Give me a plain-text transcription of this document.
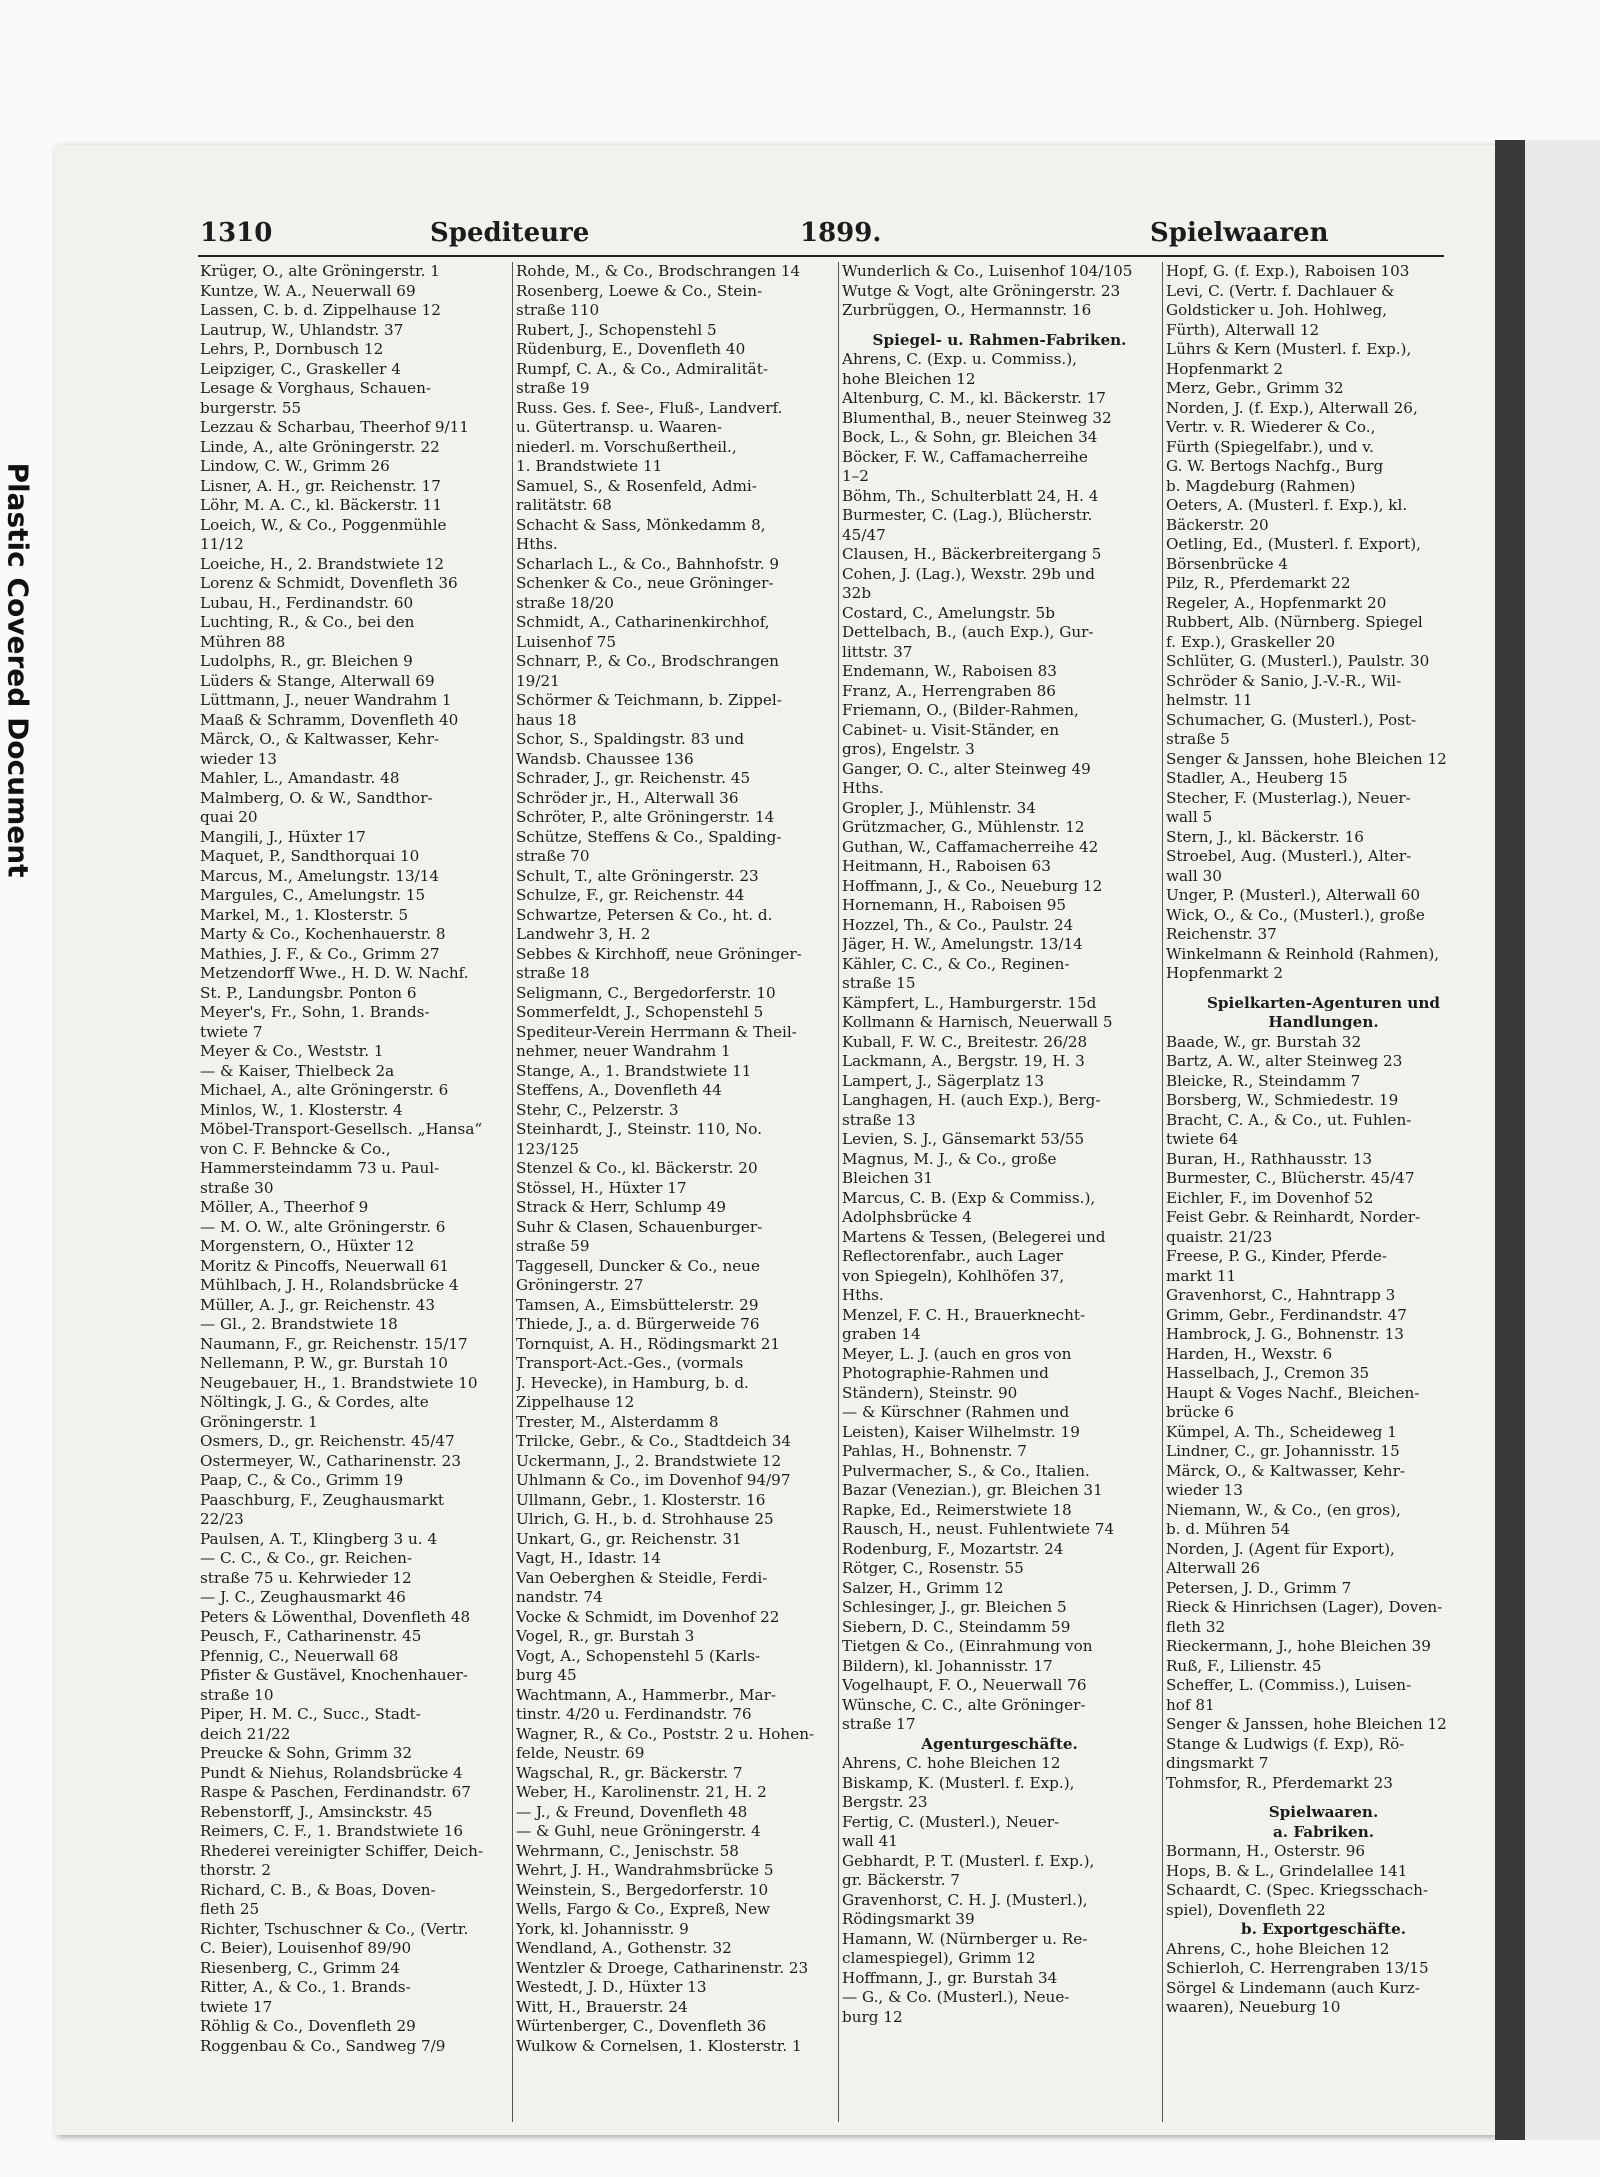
Plastic Covered Document
1310	Spediteure	1899.	Spielwaaren
Krüger, O., alte Gröningerstr. 1
Kuntze, W. A., Neuerwall 69
Lassen, C. b. d. Zippelhause 12
Lautrup, W., Uhlandstr. 37
Lehrs, P., Dornbusch 12
Leipziger, C., Graskeller 4
Lesage & Vorghaus, Schauen-
burgerstr. 55
Lezzau & Scharbau, Theerhof 9/11
Linde, A., alte Gröningerstr. 22
Lindow, C. W., Grimm 26
Lisner, A. H., gr. Reichenstr. 17
Löhr, M. A. C., kl. Bäckerstr. 11
Loeich, W., & Co., Poggenmühle
11/12
Loeiche, H., 2. Brandstwiete 12
Lorenz & Schmidt, Dovenfleth 36
Lubau, H., Ferdinandstr. 60
Luchting, R., & Co., bei den
Mühren 88
Ludolphs, R., gr. Bleichen 9
Lüders & Stange, Alterwall 69
Lüttmann, J., neuer Wandrahm 1
Maaß & Schramm, Dovenfleth 40
Märck, O., & Kaltwasser, Kehr-
wieder 13
Mahler, L., Amandastr. 48
Malmberg, O. & W., Sandthor-
quai 20
Mangili, J., Hüxter 17
Maquet, P., Sandthorquai 10
Marcus, M., Amelungstr. 13/14
Margules, C., Amelungstr. 15
Markel, M., 1. Klosterstr. 5
Marty & Co., Kochenhauerstr. 8
Mathies, J. F., & Co., Grimm 27
Metzendorff Wwe., H. D. W. Nachf.
St. P., Landungsbr. Ponton 6
Meyer's, Fr., Sohn, 1. Brands-
twiete 7
Meyer & Co., Weststr. 1
— & Kaiser, Thielbeck 2a
Michael, A., alte Gröningerstr. 6
Minlos, W., 1. Klosterstr. 4
Möbel-Transport-Gesellsch. „Hansa“
von C. F. Behncke & Co.,
Hammersteindamm 73 u. Paul-
straße 30
Möller, A., Theerhof 9
— M. O. W., alte Gröningerstr. 6
Morgenstern, O., Hüxter 12
Moritz & Pincoffs, Neuerwall 61
Mühlbach, J. H., Rolandsbrücke 4
Müller, A. J., gr. Reichenstr. 43
— Gl., 2. Brandstwiete 18
Naumann, F., gr. Reichenstr. 15/17
Nellemann, P. W., gr. Burstah 10
Neugebauer, H., 1. Brandstwiete 10
Nöltingk, J. G., & Cordes, alte
Gröningerstr. 1
Osmers, D., gr. Reichenstr. 45/47
Ostermeyer, W., Catharinenstr. 23
Paap, C., & Co., Grimm 19
Paaschburg, F., Zeughausmarkt
22/23
Paulsen, A. T., Klingberg 3 u. 4
— C. C., & Co., gr. Reichen-
straße 75 u. Kehrwieder 12
— J. C., Zeughausmarkt 46
Peters & Löwenthal, Dovenfleth 48
Peusch, F., Catharinenstr. 45
Pfennig, C., Neuerwall 68
Pfister & Gustävel, Knochenhauer-
straße 10
Piper, H. M. C., Succ., Stadt-
deich 21/22
Preucke & Sohn, Grimm 32
Pundt & Niehus, Rolandsbrücke 4
Raspe & Paschen, Ferdinandstr. 67
Rebenstorff, J., Amsinckstr. 45
Reimers, C. F., 1. Brandstwiete 16
Rhederei vereinigter Schiffer, Deich-
thorstr. 2
Richard, C. B., & Boas, Doven-
fleth 25
Richter, Tschuschner & Co., (Vertr.
C. Beier), Louisenhof 89/90
Riesenberg, C., Grimm 24
Ritter, A., & Co., 1. Brands-
twiete 17
Röhlig & Co., Dovenfleth 29
Roggenbau & Co., Sandweg 7/9
Rohde, M., & Co., Brodschrangen 14
Rosenberg, Loewe & Co., Stein-
straße 110
Rubert, J., Schopenstehl 5
Rüdenburg, E., Dovenfleth 40
Rumpf, C. A., & Co., Admiralität-
straße 19
Russ. Ges. f. See-, Fluß-, Landverf.
u. Gütertransp. u. Waaren-
niederl. m. Vorschußertheil.,
1. Brandstwiete 11
Samuel, S., & Rosenfeld, Admi-
ralitätstr. 68
Schacht & Sass, Mönkedamm 8,
Hths.
Scharlach L., & Co., Bahnhofstr. 9
Schenker & Co., neue Gröninger-
straße 18/20
Schmidt, A., Catharinenkirchhof,
Luisenhof 75
Schnarr, P., & Co., Brodschrangen
19/21
Schörmer & Teichmann, b. Zippel-
haus 18
Schor, S., Spaldingstr. 83 und
Wandsb. Chaussee 136
Schrader, J., gr. Reichenstr. 45
Schröder jr., H., Alterwall 36
Schröter, P., alte Gröningerstr. 14
Schütze, Steffens & Co., Spalding-
straße 70
Schult, T., alte Gröningerstr. 23
Schulze, F., gr. Reichenstr. 44
Schwartze, Petersen & Co., ht. d.
Landwehr 3, H. 2
Sebbes & Kirchhoff, neue Gröninger-
straße 18
Seligmann, C., Bergedorferstr. 10
Sommerfeldt, J., Schopenstehl 5
Spediteur-Verein Herrmann & Theil-
nehmer, neuer Wandrahm 1
Stange, A., 1. Brandstwiete 11
Steffens, A., Dovenfleth 44
Stehr, C., Pelzerstr. 3
Steinhardt, J., Steinstr. 110, No.
123/125
Stenzel & Co., kl. Bäckerstr. 20
Stössel, H., Hüxter 17
Strack & Herr, Schlump 49
Suhr & Clasen, Schauenburger-
straße 59
Taggesell, Duncker & Co., neue
Gröningerstr. 27
Tamsen, A., Eimsbüttelerstr. 29
Thiede, J., a. d. Bürgerweide 76
Tornquist, A. H., Rödingsmarkt 21
Transport-Act.-Ges., (vormals
J. Hevecke), in Hamburg, b. d.
Zippelhause 12
Trester, M., Alsterdamm 8
Trilcke, Gebr., & Co., Stadtdeich 34
Uckermann, J., 2. Brandstwiete 12
Uhlmann & Co., im Dovenhof 94/97
Ullmann, Gebr., 1. Klosterstr. 16
Ulrich, G. H., b. d. Strohhause 25
Unkart, G., gr. Reichenstr. 31
Vagt, H., Idastr. 14
Van Oeberghen & Steidle, Ferdi-
nandstr. 74
Vocke & Schmidt, im Dovenhof 22
Vogel, R., gr. Burstah 3
Vogt, A., Schopenstehl 5 (Karls-
burg 45
Wachtmann, A., Hammerbr., Mar-
tinstr. 4/20 u. Ferdinandstr. 76
Wagner, R., & Co., Poststr. 2 u. Hohen-
felde, Neustr. 69
Wagschal, R., gr. Bäckerstr. 7
Weber, H., Karolinenstr. 21, H. 2
— J., & Freund, Dovenfleth 48
— & Guhl, neue Gröningerstr. 4
Wehrmann, C., Jenischstr. 58
Wehrt, J. H., Wandrahmsbrücke 5
Weinstein, S., Bergedorferstr. 10
Wells, Fargo & Co., Expreß, New
York, kl. Johannisstr. 9
Wendland, A., Gothenstr. 32
Wentzler & Droege, Catharinenstr. 23
Westedt, J. D., Hüxter 13
Witt, H., Brauerstr. 24
Würtenberger, C., Dovenfleth 36
Wulkow & Cornelsen, 1. Klosterstr. 1
Wunderlich & Co., Luisenhof 104/105
Wutge & Vogt, alte Gröningerstr. 23
Zurbrüggen, O., Hermannstr. 16
Spiegel- u. Rahmen-Fabriken.
Ahrens, C. (Exp. u. Commiss.),
hohe Bleichen 12
Altenburg, C. M., kl. Bäckerstr. 17
Blumenthal, B., neuer Steinweg 32
Bock, L., & Sohn, gr. Bleichen 34
Böcker, F. W., Caffamacherreihe
1–2
Böhm, Th., Schulterblatt 24, H. 4
Burmester, C. (Lag.), Blücherstr.
45/47
Clausen, H., Bäckerbreitergang 5
Cohen, J. (Lag.), Wexstr. 29b und
32b
Costard, C., Amelungstr. 5b
Dettelbach, B., (auch Exp.), Gur-
littstr. 37
Endemann, W., Raboisen 83
Franz, A., Herrengraben 86
Friemann, O., (Bilder-Rahmen,
Cabinet- u. Visit-Ständer, en
gros), Engelstr. 3
Ganger, O. C., alter Steinweg 49
Hths.
Gropler, J., Mühlenstr. 34
Grützmacher, G., Mühlenstr. 12
Guthan, W., Caffamacherreihe 42
Heitmann, H., Raboisen 63
Hoffmann, J., & Co., Neueburg 12
Hornemann, H., Raboisen 95
Hozzel, Th., & Co., Paulstr. 24
Jäger, H. W., Amelungstr. 13/14
Kähler, C. C., & Co., Reginen-
straße 15
Kämpfert, L., Hamburgerstr. 15d
Kollmann & Harnisch, Neuerwall 5
Kuball, F. W. C., Breitestr. 26/28
Lackmann, A., Bergstr. 19, H. 3
Lampert, J., Sägerplatz 13
Langhagen, H. (auch Exp.), Berg-
straße 13
Levien, S. J., Gänsemarkt 53/55
Magnus, M. J., & Co., große
Bleichen 31
Marcus, C. B. (Exp & Commiss.),
Adolphsbrücke 4
Martens & Tessen, (Belegerei und
Reflectorenfabr., auch Lager
von Spiegeln), Kohlhöfen 37,
Hths.
Menzel, F. C. H., Brauerknecht-
graben 14
Meyer, L. J. (auch en gros von
Photographie-Rahmen und
Ständern), Steinstr. 90
— & Kürschner (Rahmen und
Leisten), Kaiser Wilhelmstr. 19
Pahlas, H., Bohnenstr. 7
Pulvermacher, S., & Co., Italien.
Bazar (Venezian.), gr. Bleichen 31
Rapke, Ed., Reimerstwiete 18
Rausch, H., neust. Fuhlentwiete 74
Rodenburg, F., Mozartstr. 24
Rötger, C., Rosenstr. 55
Salzer, H., Grimm 12
Schlesinger, J., gr. Bleichen 5
Siebern, D. C., Steindamm 59
Tietgen & Co., (Einrahmung von
Bildern), kl. Johannisstr. 17
Vogelhaupt, F. O., Neuerwall 76
Wünsche, C. C., alte Gröninger-
straße 17
Agenturgeschäfte.
Ahrens, C. hohe Bleichen 12
Biskamp, K. (Musterl. f. Exp.),
Bergstr. 23
Fertig, C. (Musterl.), Neuer-
wall 41
Gebhardt, P. T. (Musterl. f. Exp.),
gr. Bäckerstr. 7
Gravenhorst, C. H. J. (Musterl.),
Rödingsmarkt 39
Hamann, W. (Nürnberger u. Re-
clamespiegel), Grimm 12
Hoffmann, J., gr. Burstah 34
— G., & Co. (Musterl.), Neue-
burg 12
Hopf, G. (f. Exp.), Raboisen 103
Levi, C. (Vertr. f. Dachlauer &
Goldsticker u. Joh. Hohlweg,
Fürth), Alterwall 12
Lührs & Kern (Musterl. f. Exp.),
Hopfenmarkt 2
Merz, Gebr., Grimm 32
Norden, J. (f. Exp.), Alterwall 26,
Vertr. v. R. Wiederer & Co.,
Fürth (Spiegelfabr.), und v.
G. W. Bertogs Nachfg., Burg
b. Magdeburg (Rahmen)
Oeters, A. (Musterl. f. Exp.), kl.
Bäckerstr. 20
Oetling, Ed., (Musterl. f. Export),
Börsenbrücke 4
Pilz, R., Pferdemarkt 22
Regeler, A., Hopfenmarkt 20
Rubbert, Alb. (Nürnberg. Spiegel
f. Exp.), Graskeller 20
Schlüter, G. (Musterl.), Paulstr. 30
Schröder & Sanio, J.-V.-R., Wil-
helmstr. 11
Schumacher, G. (Musterl.), Post-
straße 5
Senger & Janssen, hohe Bleichen 12
Stadler, A., Heuberg 15
Stecher, F. (Musterlag.), Neuer-
wall 5
Stern, J., kl. Bäckerstr. 16
Stroebel, Aug. (Musterl.), Alter-
wall 30
Unger, P. (Musterl.), Alterwall 60
Wick, O., & Co., (Musterl.), große
Reichenstr. 37
Winkelmann & Reinhold (Rahmen),
Hopfenmarkt 2
Spielkarten-Agenturen und
Handlungen.
Baade, W., gr. Burstah 32
Bartz, A. W., alter Steinweg 23
Bleicke, R., Steindamm 7
Borsberg, W., Schmiedestr. 19
Bracht, C. A., & Co., ut. Fuhlen-
twiete 64
Buran, H., Rathhausstr. 13
Burmester, C., Blücherstr. 45/47
Eichler, F., im Dovenhof 52
Feist Gebr. & Reinhardt, Norder-
quaistr. 21/23
Freese, P. G., Kinder, Pferde-
markt 11
Gravenhorst, C., Hahntrapp 3
Grimm, Gebr., Ferdinandstr. 47
Hambrock, J. G., Bohnenstr. 13
Harden, H., Wexstr. 6
Hasselbach, J., Cremon 35
Haupt & Voges Nachf., Bleichen-
brücke 6
Kümpel, A. Th., Scheideweg 1
Lindner, C., gr. Johannisstr. 15
Märck, O., & Kaltwasser, Kehr-
wieder 13
Niemann, W., & Co., (en gros),
b. d. Mühren 54
Norden, J. (Agent für Export),
Alterwall 26
Petersen, J. D., Grimm 7
Rieck & Hinrichsen (Lager), Doven-
fleth 32
Rieckermann, J., hohe Bleichen 39
Ruß, F., Lilienstr. 45
Scheffer, L. (Commiss.), Luisen-
hof 81
Senger & Janssen, hohe Bleichen 12
Stange & Ludwigs (f. Exp), Rö-
dingsmarkt 7
Tohmsfor, R., Pferdemarkt 23
Spielwaaren.
a. Fabriken.
Bormann, H., Osterstr. 96
Hops, B. & L., Grindelallee 141
Schaardt, C. (Spec. Kriegsschach-
spiel), Dovenfleth 22
b. Exportgeschäfte.
Ahrens, C., hohe Bleichen 12
Schierloh, C. Herrengraben 13/15
Sörgel & Lindemann (auch Kurz-
waaren), Neueburg 10
